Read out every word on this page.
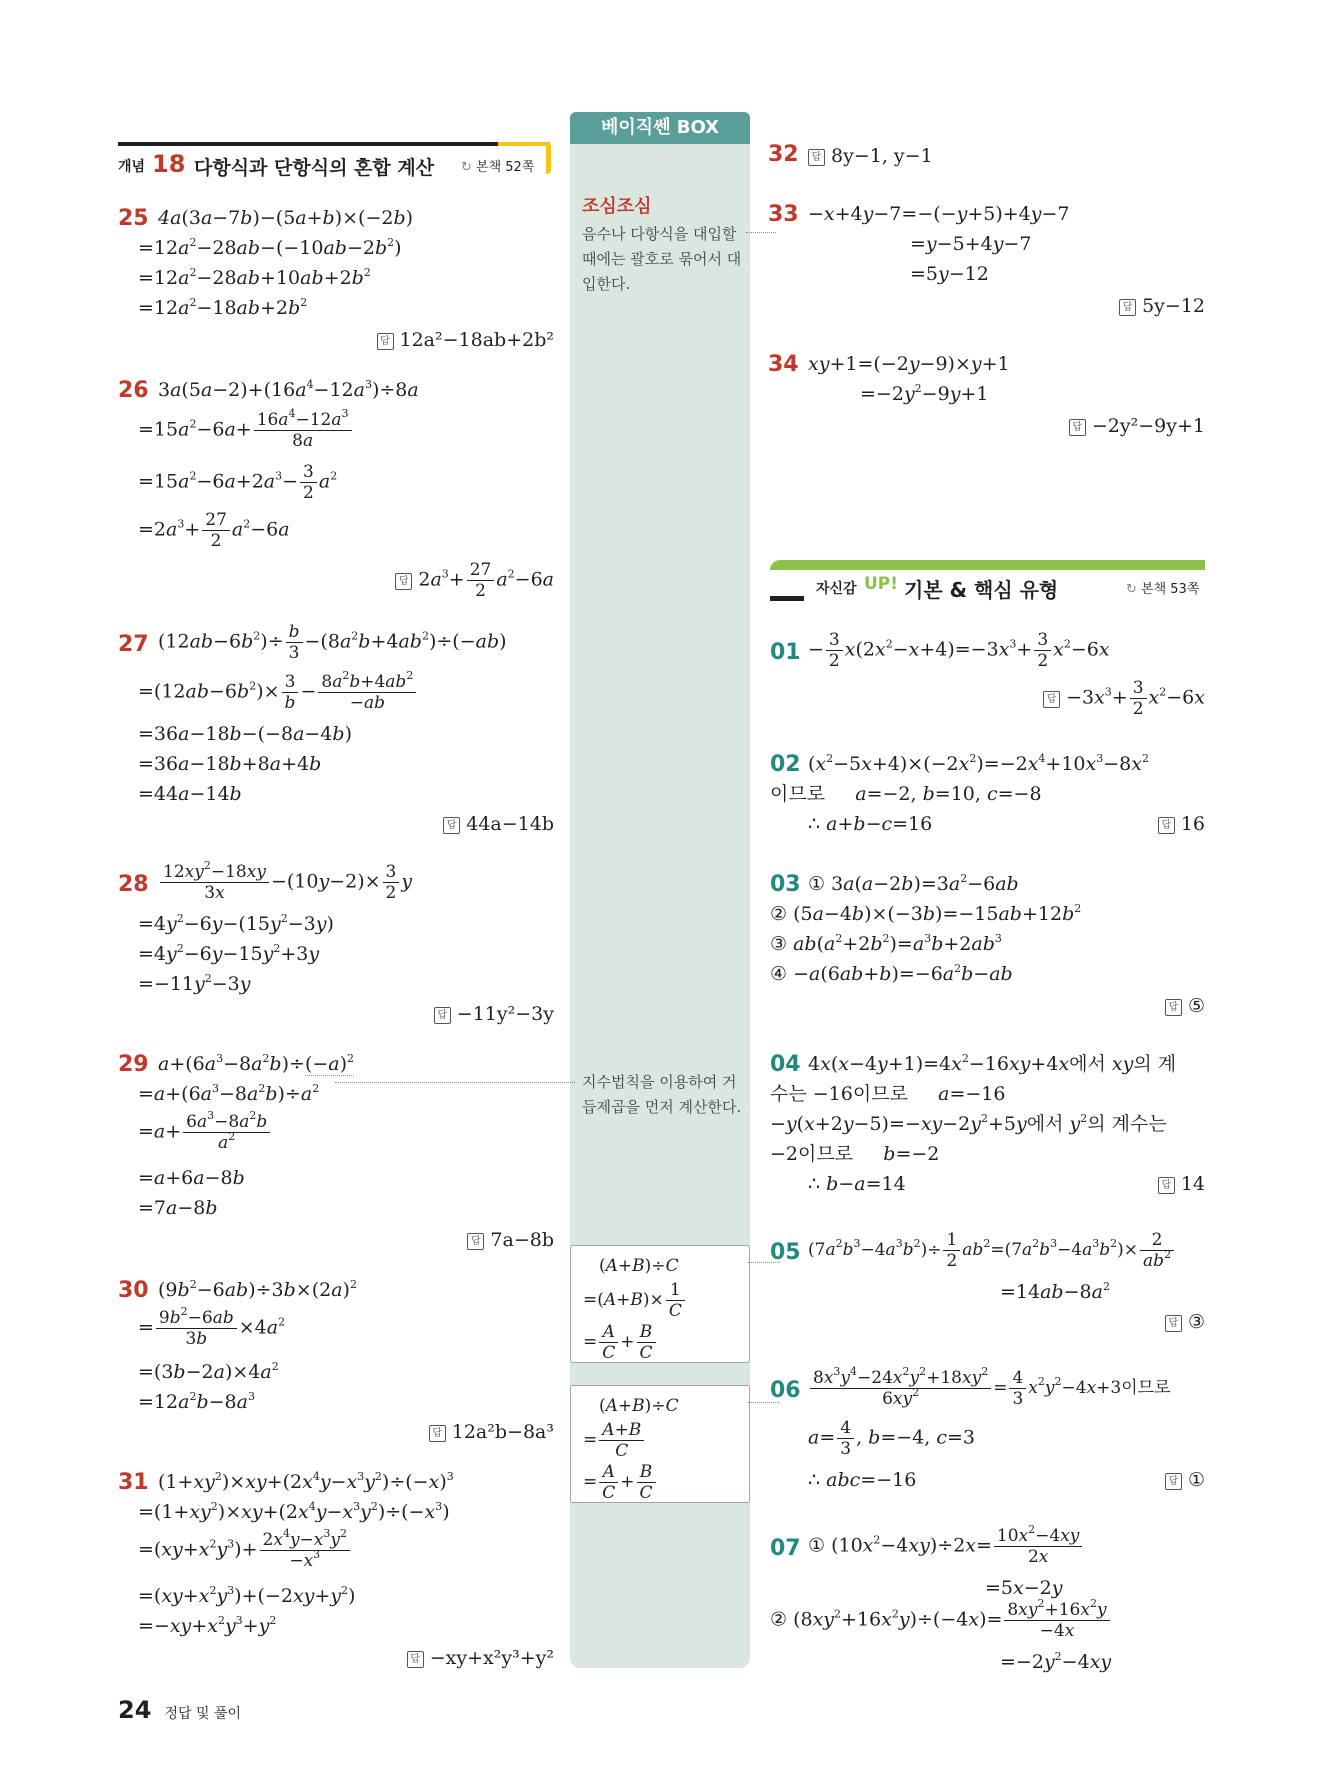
베이직쎈 BOX
개념 18 다항식과 단항식의 혼합 계산 ↻ 본책 52쪽
25 4a(3a−7b)−(5a+b)×(−2b)
$=12a^2-28ab-(-10ab-2b^2)$
$=12a^2-28ab+10ab+2b^2$
$=12a^2-18ab+2b^2$
답 12a²−18ab+2b²
26 $3a(5a-2)+(16a^4-12a^3)\div 8a$
$=15a^2-6a+ \frac{16a^4-12a^3}{8a}$
$=15a^2-6a+2a^3- \frac{3}{2} a^2$
$=2a^3+ \frac{27}{2} a^2-6a$
답 $2a^3+ \frac{27}{2} a^2-6a$
27 $(12ab-6b^2)\div \frac{b}{3} -(8a^2b+4ab^2)\div(-ab)$
$=(12ab-6b^2)\times \frac{3}{b} - \frac{8a^2b+4ab^2}{-ab}$
=36a−18b−(−8a−4b)
=36a−18b+8a+4b
=44a−14b
답 44a−14b
$28 \frac{12xy^2-18xy}{3x} -(10y-2)\times \frac{3}{2}$ y
$=4y^2-6y-(15y^2-3y)$
$=4y^2-6y-15y^2+3y$
$=-11y^2-3y$
답 −11y²−3y
29 $a+(6a^3-8a^2b)\div(-a)^2$
$=a+(6a^3-8a^2b)\div a^2$
$=a+ \frac{6a^3-8a^2b}{a^2}$
=a+6a−8b
=7a−8b
답 7a−8b
30 $(9b^2-6ab)\div 3b\times(2a)^2$
= $\frac{9b^2-6ab}{3b} \times 4a^2$
$=(3b-2a)\times 4a^2$
$=12a^2b-8a^3$
답 12a²b−8a³
31 $(1+xy^2)\times xy+(2x^4y-x^3y^2)\div(-x)^3$
$=(1+xy^2)\times xy+(2x^4y-x^3y^2)\div(-x^3)$
$=(xy+x^2y^3)+ \frac{2x^4y-x^3y^2}{-x^3}$
$=(xy+x^2y^3)+(-2xy+y^2)$
$=-xy+x^2y^3+y^2$
답 −xy+x²y³+y²
조심조심
음수나 다항식을 대입할 때에는 괄호로 묶어서 대입한다.
지수법칙을 이용하여 거듭제곱을 먼저 계산한다.
(A+B)÷C
$=(A+B)\times \frac{1}{C}$
= $\frac{A}{C} + \frac{B}{C}$
(A+B)÷C
= $\frac{A+B}{C}$
= $\frac{A}{C} + \frac{B}{C}$
32	답 8y−1, y−1
33 −x+4y−7=−(−y+5)+4y−7
=y−5+4y−7
=5y−12
답 5y−12
34 xy+1=(−2y−9)×y+1
$=-2y^2-9y+1$
답 −2y²−9y+1
자신감 UP! 기본 & 핵심 유형	↻ 본책 53쪽
$01 - \frac{3}{2} x(2x^2-x+4)=-3x^3+ \frac{3}{2} x^2-6x$
답 $-3x^3+ \frac{3}{2} x^2-6x$
02 $(x^2-5x+4)\times(-2x^2)=-2x^4+10x^3-8x^2$
이므로 a=−2, b=10, c=−8
∴ a+b−c=16	답 16
03 ① $3a(a-2b)=3a^2-6ab$
② $(5a-4b)\times(-3b)=-15ab+12b^2$
③ $ab(a^2+2b^2)=a^3b+2ab^3$
④ $-a(6ab+b)=-6a^2b-ab$
답 ⑤
04 $4x(x-4y+1)=4x^2-16xy+4x$에서 xy의 계
수는 −16이므로 a=−16
$-y(x+2y-5)=-xy-2y^2+5y$에서 $y^2$의 계수는
−2이므로 b=−2
∴ b−a=14	답 14
05 $(7a^2b^3-4a^3b^2)\div \frac{1}{2} ab^2=(7a^2b^3-4a^3b^2)\times \frac{2}{ab^2}$
$=14ab-8a^2$
답 ③
$06 \frac{8x^3y^4-24x^2y^2+18xy^2}{6xy^2} = \frac{4}{3} x^2y^2-4x+3$이므로
$a= \frac{4}{3}$ , b=−4, c=3
∴ abc=−16	답 ①
07 ① $(10x^2-4xy)\div 2x= \frac{10x^2-4xy}{2x}$
=5x−2y
② $(8xy^2+16x^2y)\div(-4x)= \frac{8xy^2+16x^2y}{-4x}$
$=-2y^2-4xy$
24 정답 및 풀이
